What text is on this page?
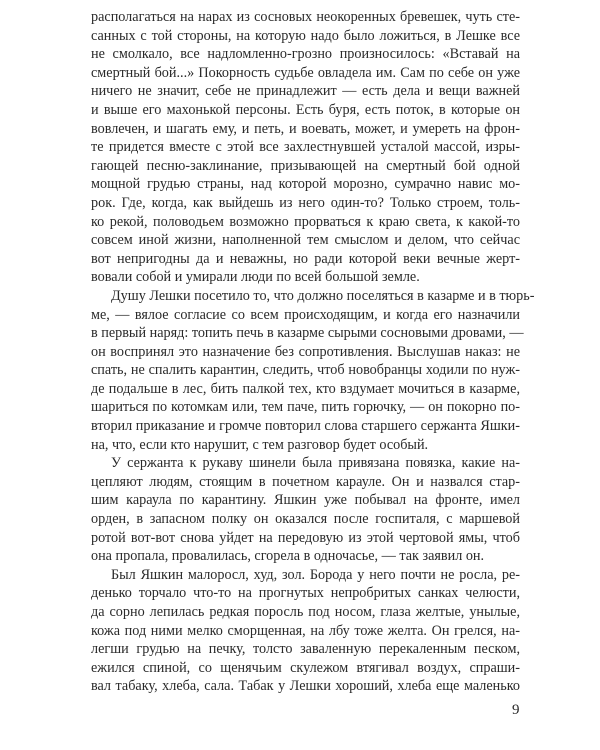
располагаться на нарах из сосновых неокоренных бревешек, чуть сте-
санных с той стороны, на которую надо было ложиться, в Лешке все
не смолкало, все надломленно-грозно произносилось: «Вставай на
смертный бой...» Покорность судьбе овладела им. Сам по себе он уже
ничего не значит, себе не принадлежит — есть дела и вещи важней
и выше его махонькой персоны. Есть буря, есть поток, в которые он
вовлечен, и шагать ему, и петь, и воевать, может, и умереть на фрон-
те придется вместе с этой все захлестнувшей усталой массой, изры-
гающей песню-заклинание, призывающей на смертный бой одной
мощной грудью страны, над которой морозно, сумрачно навис мо-
рок. Где, когда, как выйдешь из него один-то? Только строем, толь-
ко рекой, половодьем возможно прорваться к краю света, к какой-то
совсем иной жизни, наполненной тем смыслом и делом, что сейчас
вот непригодны да и неважны, но ради которой веки вечные жерт-
вовали собой и умирали люди по всей большой земле.
Душу Лешки посетило то, что должно поселяться в казарме и в тюрь-
ме, — вялое согласие со всем происходящим, и когда его назначили
в первый наряд: топить печь в казарме сырыми сосновыми дровами, —
он воспринял это назначение без сопротивления. Выслушав наказ: не
спать, не спалить карантин, следить, чтоб новобранцы ходили по нуж-
де подальше в лес, бить палкой тех, кто вздумает мочиться в казарме,
шариться по котомкам или, тем паче, пить горючку, — он покорно по-
вторил приказание и громче повторил слова старшего сержанта Яшки-
на, что, если кто нарушит, с тем разговор будет особый.
У сержанта к рукаву шинели была привязана повязка, какие на-
цепляют людям, стоящим в почетном карауле. Он и назвался стар-
шим караула по карантину. Яшкин уже побывал на фронте, имел
орден, в запасном полку он оказался после госпиталя, с маршевой
ротой вот-вот снова уйдет на передовую из этой чертовой ямы, чтоб
она пропала, провалилась, сгорела в одночасье, — так заявил он.
Был Яшкин малоросл, худ, зол. Борода у него почти не росла, ре-
денько торчало что-то на прогнутых непробритых санках челюсти,
да сорно лепилась редкая поросль под носом, глаза желтые, унылые,
кожа под ними мелко сморщенная, на лбу тоже желта. Он грелся, на-
легши грудью на печку, толсто заваленную перекаленным песком,
ежился спиной, со щенячьим скулежом втягивал воздух, спраши-
вал табаку, хлеба, сала. Табак у Лешки хороший, хлеба еще маленько
9
